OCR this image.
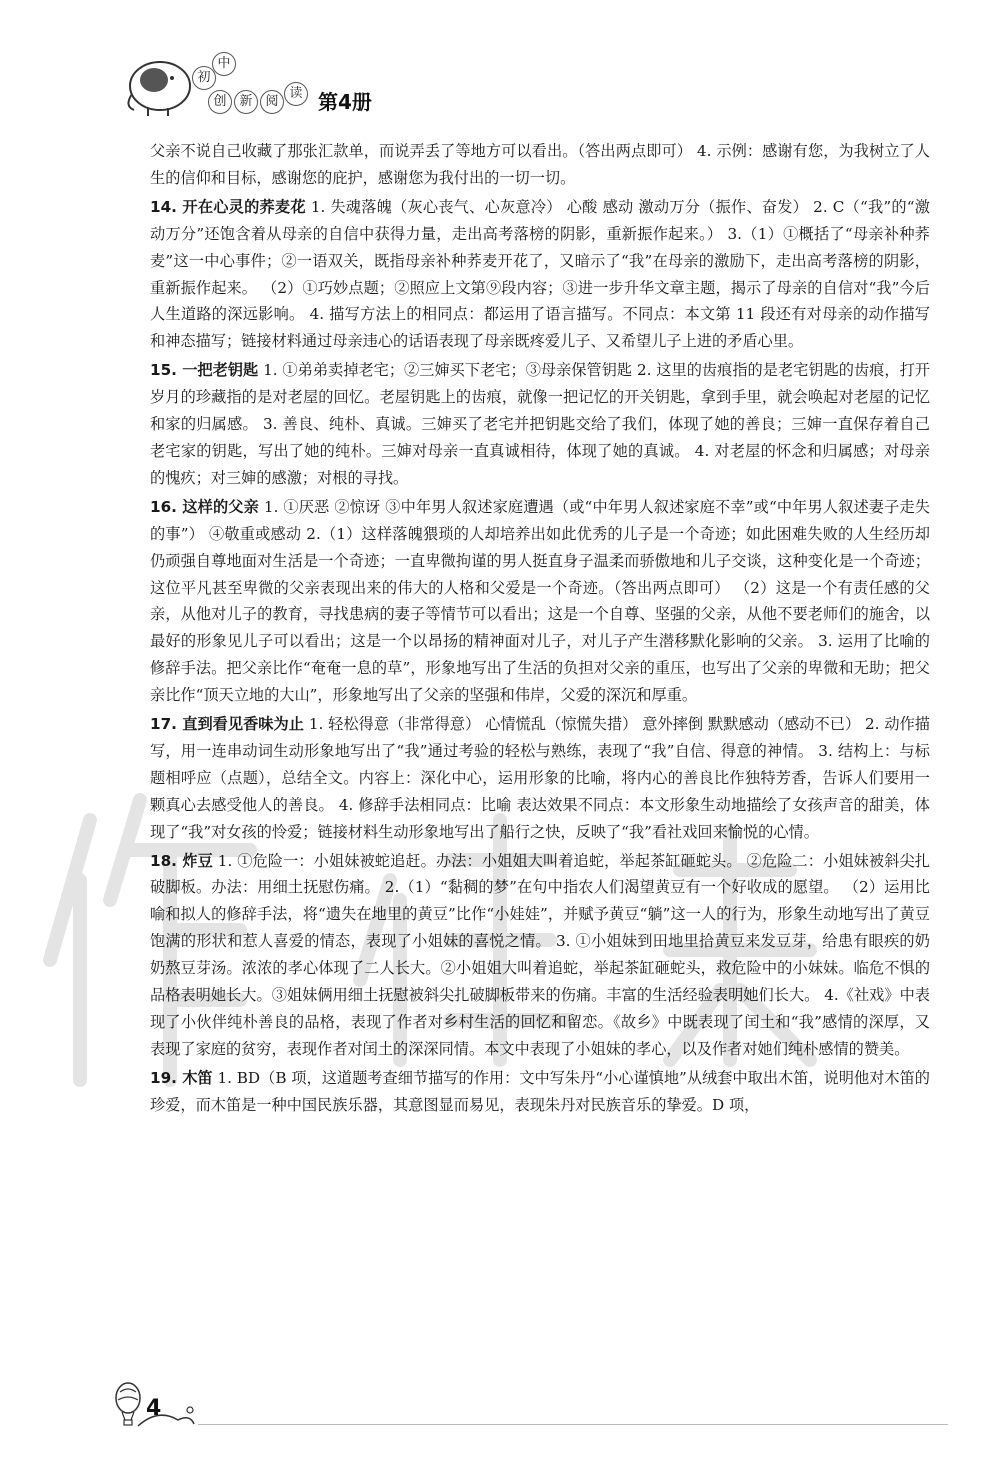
初
中
创 新 阅
读 第4册

父亲不说自己收藏了那张汇款单，而说弄丢了等地方可以看出。（答出两点即可） 4. 示例：感谢有您，为我树立了人生的信仰和目标，感谢您的庇护，感谢您为我付出的一切一切。

14. 开在心灵的荞麦花 1. 失魂落魄（灰心丧气、心灰意冷） 心酸 感动 激动万分（振作、奋发） 2. C（“我”的“激动万分”还饱含着从母亲的自信中获得力量，走出高考落榜的阴影，重新振作起来。） 3.（1）①概括了“母亲补种荞麦”这一中心事件；②一语双关，既指母亲补种荞麦开花了，又暗示了“我”在母亲的激励下，走出高考落榜的阴影，重新振作起来。 （2）①巧妙点题；②照应上文第⑨段内容；③进一步升华文章主题，揭示了母亲的自信对“我”今后人生道路的深远影响。 4. 描写方法上的相同点：都运用了语言描写。不同点：本文第 11 段还有对母亲的动作描写和神态描写；链接材料通过母亲违心的话语表现了母亲既疼爱儿子、又希望儿子上进的矛盾心里。

15. 一把老钥匙 1. ①弟弟卖掉老宅；②三婶买下老宅；③母亲保管钥匙 2. 这里的齿痕指的是老宅钥匙的齿痕，打开岁月的珍藏指的是对老屋的回忆。老屋钥匙上的齿痕，就像一把记忆的开关钥匙，拿到手里，就会唤起对老屋的记忆和家的归属感。 3. 善良、纯朴、真诚。三婶买了老宅并把钥匙交给了我们，体现了她的善良；三婶一直保存着自己老宅家的钥匙，写出了她的纯朴。三婶对母亲一直真诚相待，体现了她的真诚。 4. 对老屋的怀念和归属感；对母亲的愧疚；对三婶的感激；对根的寻找。

16. 这样的父亲 1. ①厌恶 ②惊讶 ③中年男人叙述家庭遭遇（或“中年男人叙述家庭不幸”或“中年男人叙述妻子走失的事”） ④敬重或感动 2.（1）这样落魄猥琐的人却培养出如此优秀的儿子是一个奇迹；如此困难失败的人生经历却仍顽强自尊地面对生活是一个奇迹；一直卑微拘谨的男人挺直身子温柔而骄傲地和儿子交谈，这种变化是一个奇迹；这位平凡甚至卑微的父亲表现出来的伟大的人格和父爱是一个奇迹。（答出两点即可） （2）这是一个有责任感的父亲，从他对儿子的教育，寻找患病的妻子等情节可以看出；这是一个自尊、坚强的父亲，从他不要老师们的施舍，以最好的形象见儿子可以看出；这是一个以昂扬的精神面对儿子，对儿子产生潜移默化影响的父亲。 3. 运用了比喻的修辞手法。把父亲比作“奄奄一息的草”，形象地写出了生活的负担对父亲的重压，也写出了父亲的卑微和无助；把父亲比作“顶天立地的大山”，形象地写出了父亲的坚强和伟岸，父爱的深沉和厚重。

17. 直到看见香味为止 1. 轻松得意（非常得意） 心情慌乱（惊慌失措） 意外摔倒 默默感动（感动不已） 2. 动作描写，用一连串动词生动形象地写出了“我”通过考验的轻松与熟练，表现了“我”自信、得意的神情。 3. 结构上：与标题相呼应（点题），总结全文。内容上：深化中心，运用形象的比喻，将内心的善良比作独特芳香，告诉人们要用一颗真心去感受他人的善良。 4. 修辞手法相同点：比喻 表达效果不同点：本文形象生动地描绘了女孩声音的甜美，体现了“我”对女孩的怜爱；链接材料生动形象地写出了船行之快，反映了“我”看社戏回来愉悦的心情。

18. 炸豆 1. ①危险一：小姐妹被蛇追赶。办法：小姐姐大叫着追蛇，举起茶缸砸蛇头。 ②危险二：小姐妹被斜尖扎破脚板。办法：用细土抚慰伤痛。 2.（1）“黏稠的梦”在句中指农人们渴望黄豆有一个好收成的愿望。 （2）运用比喻和拟人的修辞手法，将“遗失在地里的黄豆”比作“小娃娃”，并赋予黄豆“躺”这一人的行为，形象生动地写出了黄豆饱满的形状和惹人喜爱的情态，表现了小姐妹的喜悦之情。 3. ①小姐妹到田地里拾黄豆来发豆芽，给患有眼疾的奶奶熬豆芽汤。浓浓的孝心体现了二人长大。②小姐姐大叫着追蛇，举起茶缸砸蛇头，救危险中的小妹妹。临危不惧的品格表明她长大。③姐妹俩用细土抚慰被斜尖扎破脚板带来的伤痛。丰富的生活经验表明她们长大。 4.《社戏》中表现了小伙伴纯朴善良的品格，表现了作者对乡村生活的回忆和留恋。《故乡》中既表现了闰土和“我”感情的深厚，又表现了家庭的贫穷，表现作者对闰土的深深同情。本文中表现了小姐妹的孝心，以及作者对她们纯朴感情的赞美。

19. 木笛 1. BD（B 项，这道题考查细节描写的作用：文中写朱丹“小心谨慎地”从绒套中取出木笛，说明他对木笛的珍爱，而木笛是一种中国民族乐器，其意图显而易见，表现朱丹对民族音乐的挚爱。D 项，

4
